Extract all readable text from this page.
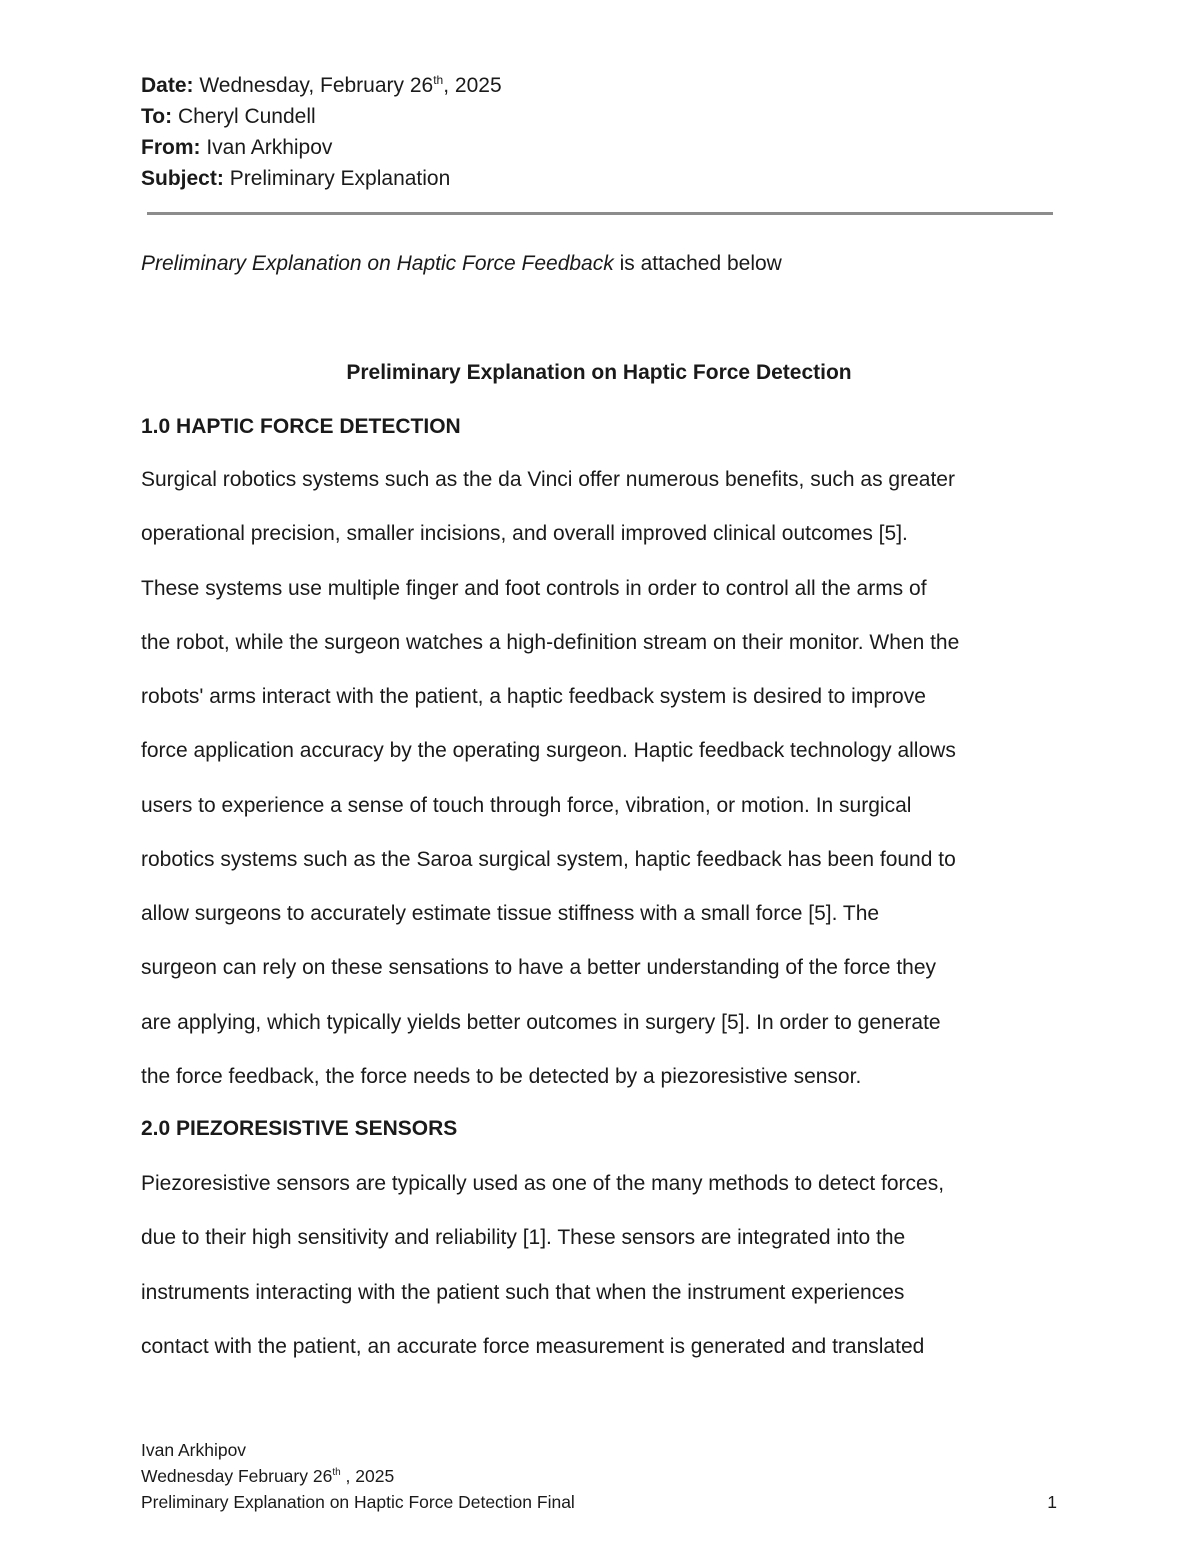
Date: Wednesday, February 26th, 2025
To: Cheryl Cundell
From: Ivan Arkhipov
Subject: Preliminary Explanation
Preliminary Explanation on Haptic Force Feedback is attached below
Preliminary Explanation on Haptic Force Detection
1.0 HAPTIC FORCE DETECTION
Surgical robotics systems such as the da Vinci offer numerous benefits, such as greater
operational precision, smaller incisions, and overall improved clinical outcomes [5].
These systems use multiple finger and foot controls in order to control all the arms of
the robot, while the surgeon watches a high-definition stream on their monitor. When the
robots' arms interact with the patient, a haptic feedback system is desired to improve
force application accuracy by the operating surgeon. Haptic feedback technology allows
users to experience a sense of touch through force, vibration, or motion. In surgical
robotics systems such as the Saroa surgical system, haptic feedback has been found to
allow surgeons to accurately estimate tissue stiffness with a small force [5]. The
surgeon can rely on these sensations to have a better understanding of the force they
are applying, which typically yields better outcomes in surgery [5]. In order to generate
the force feedback, the force needs to be detected by a piezoresistive sensor.
2.0 PIEZORESISTIVE SENSORS
Piezoresistive sensors are typically used as one of the many methods to detect forces,
due to their high sensitivity and reliability [1]. These sensors are integrated into the
instruments interacting with the patient such that when the instrument experiences
contact with the patient, an accurate force measurement is generated and translated
Ivan Arkhipov
Wednesday February 26th , 2025
Preliminary Explanation on Haptic Force Detection Final	1
